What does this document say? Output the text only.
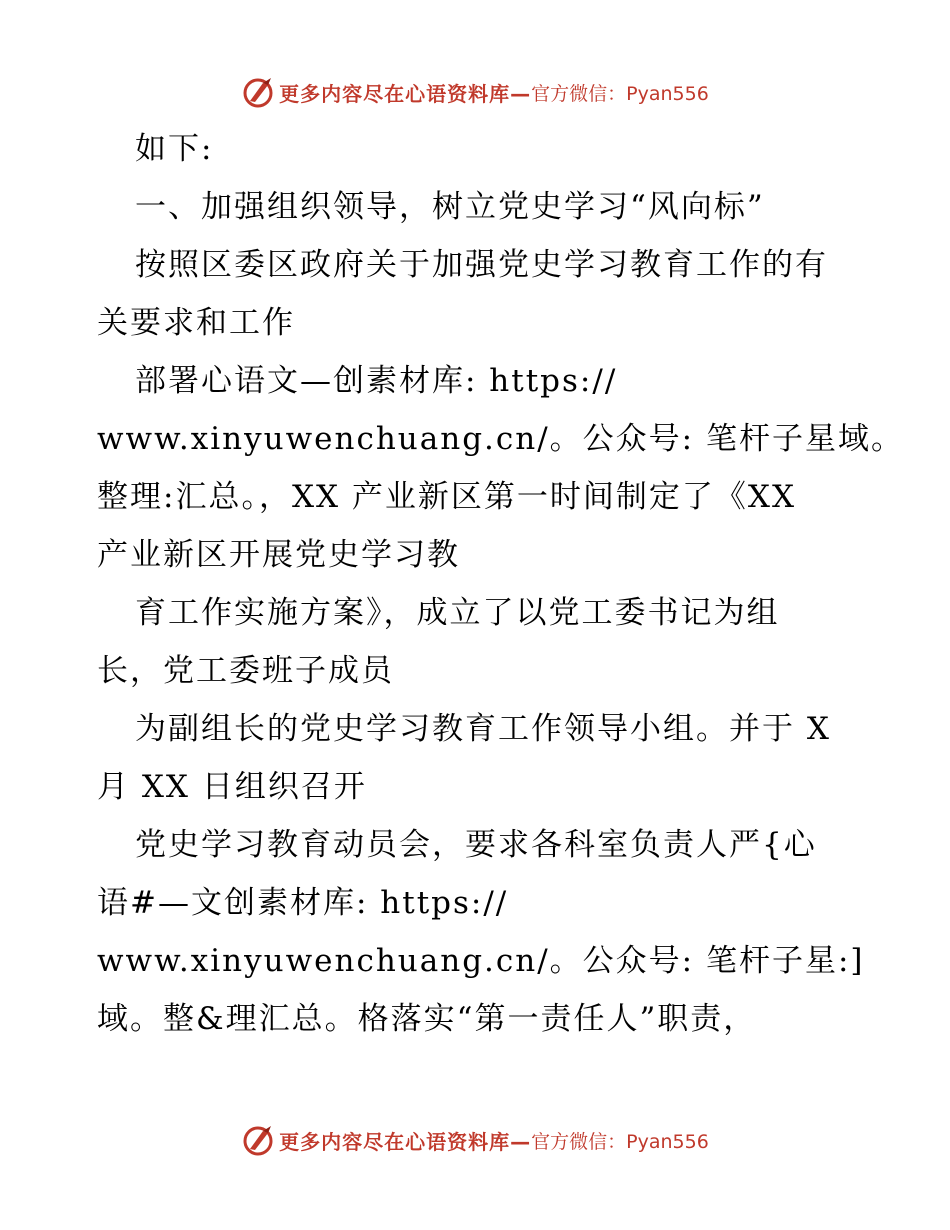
更多内容尽在心语资料库— 官方微信：Pyan556
如下:
一、加强组织领导，树立党史学习“风向标”
按照区委区政府关于加强党史学习教育工作的有
关要求和工作
部署心语文—创素材库: https://
www.xinyuwenchuang.cn/。公众号: 笔杆子星域。
整理:汇总。，XX 产业新区第一时间制定了《XX
产业新区开展党史学习教
育工作实施方案》，成立了以党工委书记为组
长，党工委班子成员
为副组长的党史学习教育工作领导小组。并于 X
月 XX 日组织召开
党史学习教育动员会，要求各科室负责人严{心
语#—文创素材库: https://
www.xinyuwenchuang.cn/。公众号: 笔杆子星:]
域。整&理汇总。格落实“第一责任人”职责，
更多内容尽在心语资料库— 官方微信：Pyan556
